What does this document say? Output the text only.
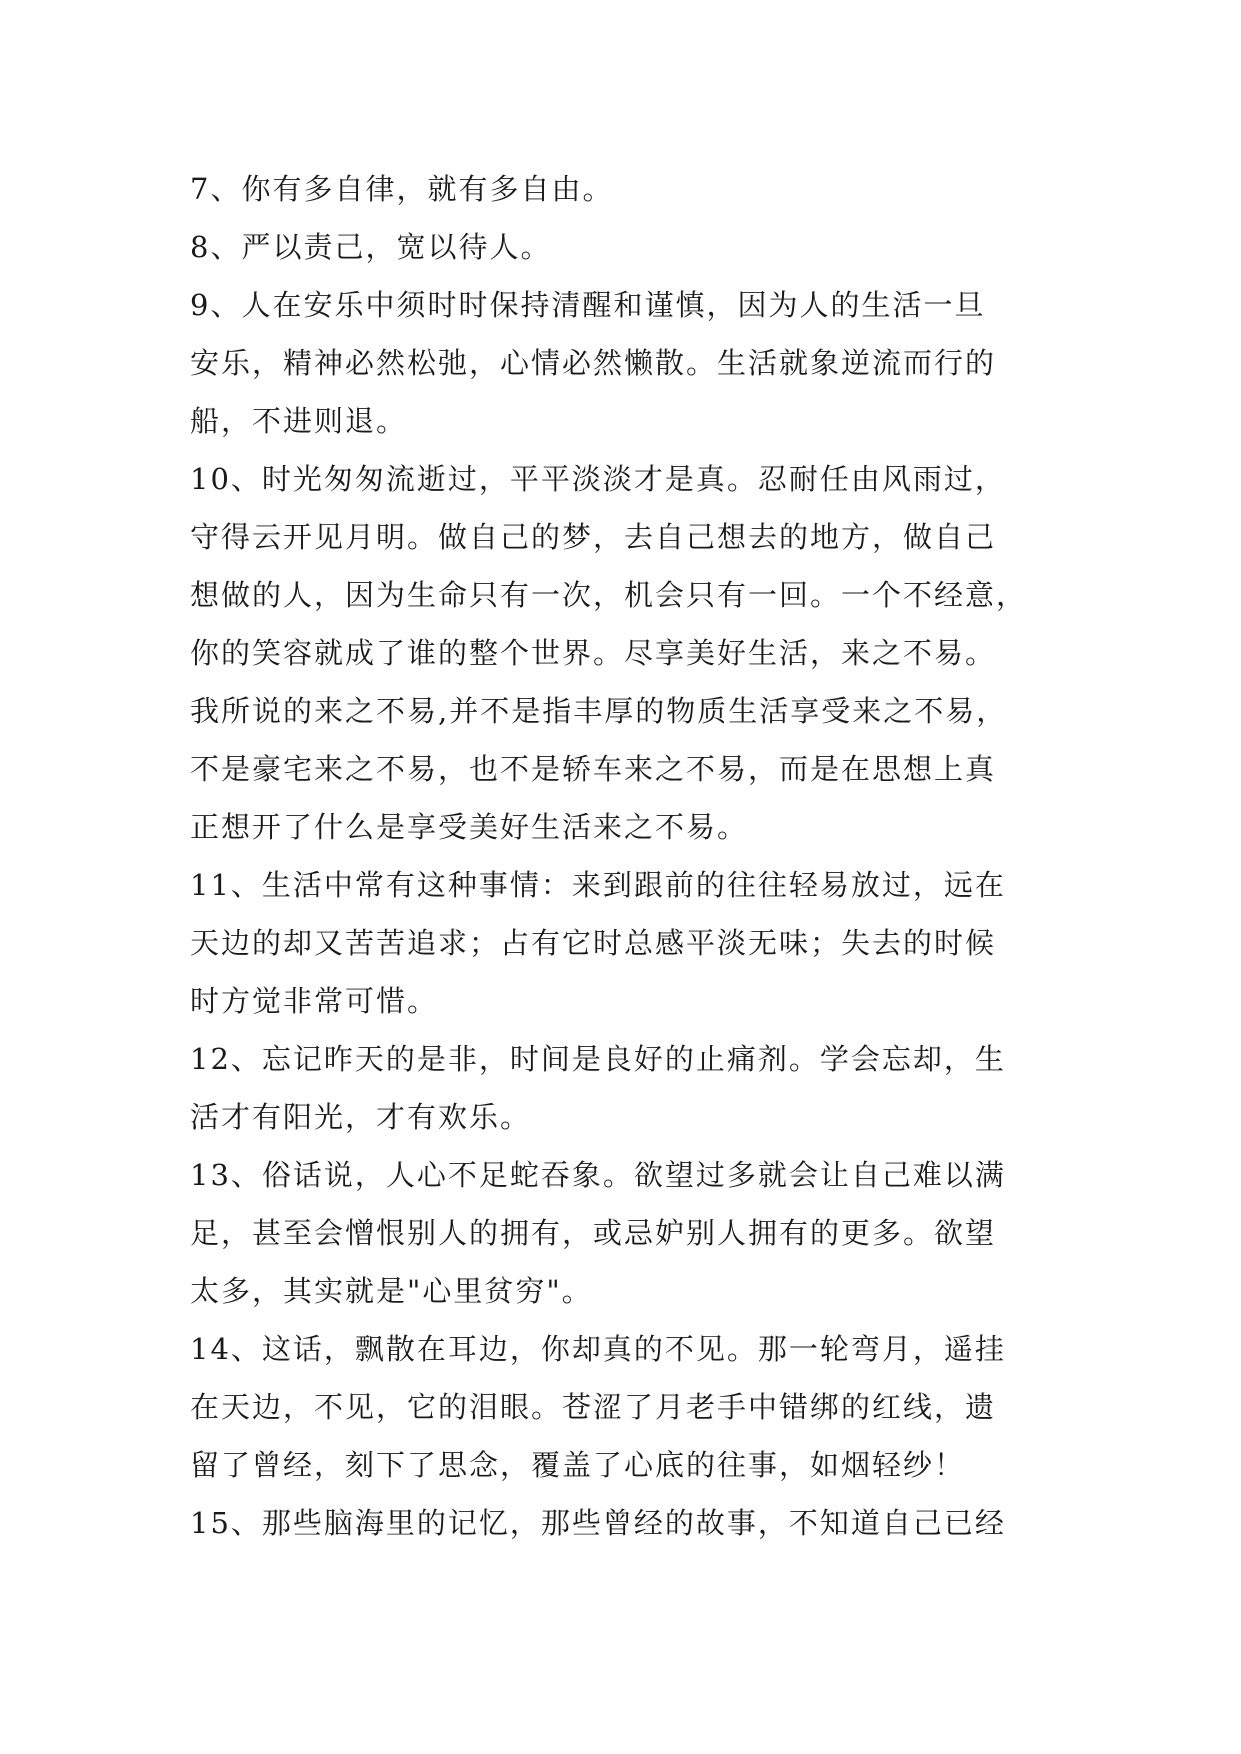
7、你有多自律，就有多自由。
8、严以责己，宽以待人。
9、人在安乐中须时时保持清醒和谨慎，因为人的生活一旦
安乐，精神必然松弛，心情必然懒散。生活就象逆流而行的
船，不进则退。
10、时光匆匆流逝过，平平淡淡才是真。忍耐任由风雨过，
守得云开见月明。做自己的梦，去自己想去的地方，做自己
想做的人，因为生命只有一次，机会只有一回。一个不经意，
你的笑容就成了谁的整个世界。尽享美好生活，来之不易。
我所说的来之不易,并不是指丰厚的物质生活享受来之不易，
不是豪宅来之不易，也不是轿车来之不易，而是在思想上真
正想开了什么是享受美好生活来之不易。
11、生活中常有这种事情：来到跟前的往往轻易放过，远在
天边的却又苦苦追求；占有它时总感平淡无味；失去的时候
时方觉非常可惜。
12、忘记昨天的是非，时间是良好的止痛剂。学会忘却，生
活才有阳光，才有欢乐。
13、俗话说，人心不足蛇吞象。欲望过多就会让自己难以满
足，甚至会憎恨别人的拥有，或忌妒别人拥有的更多。欲望
太多，其实就是"心里贫穷"。
14、这话，飘散在耳边，你却真的不见。那一轮弯月，遥挂
在天边，不见，它的泪眼。苍涩了月老手中错绑的红线，遗
留了曾经，刻下了思念，覆盖了心底的往事，如烟轻纱！
15、那些脑海里的记忆，那些曾经的故事，不知道自己已经
